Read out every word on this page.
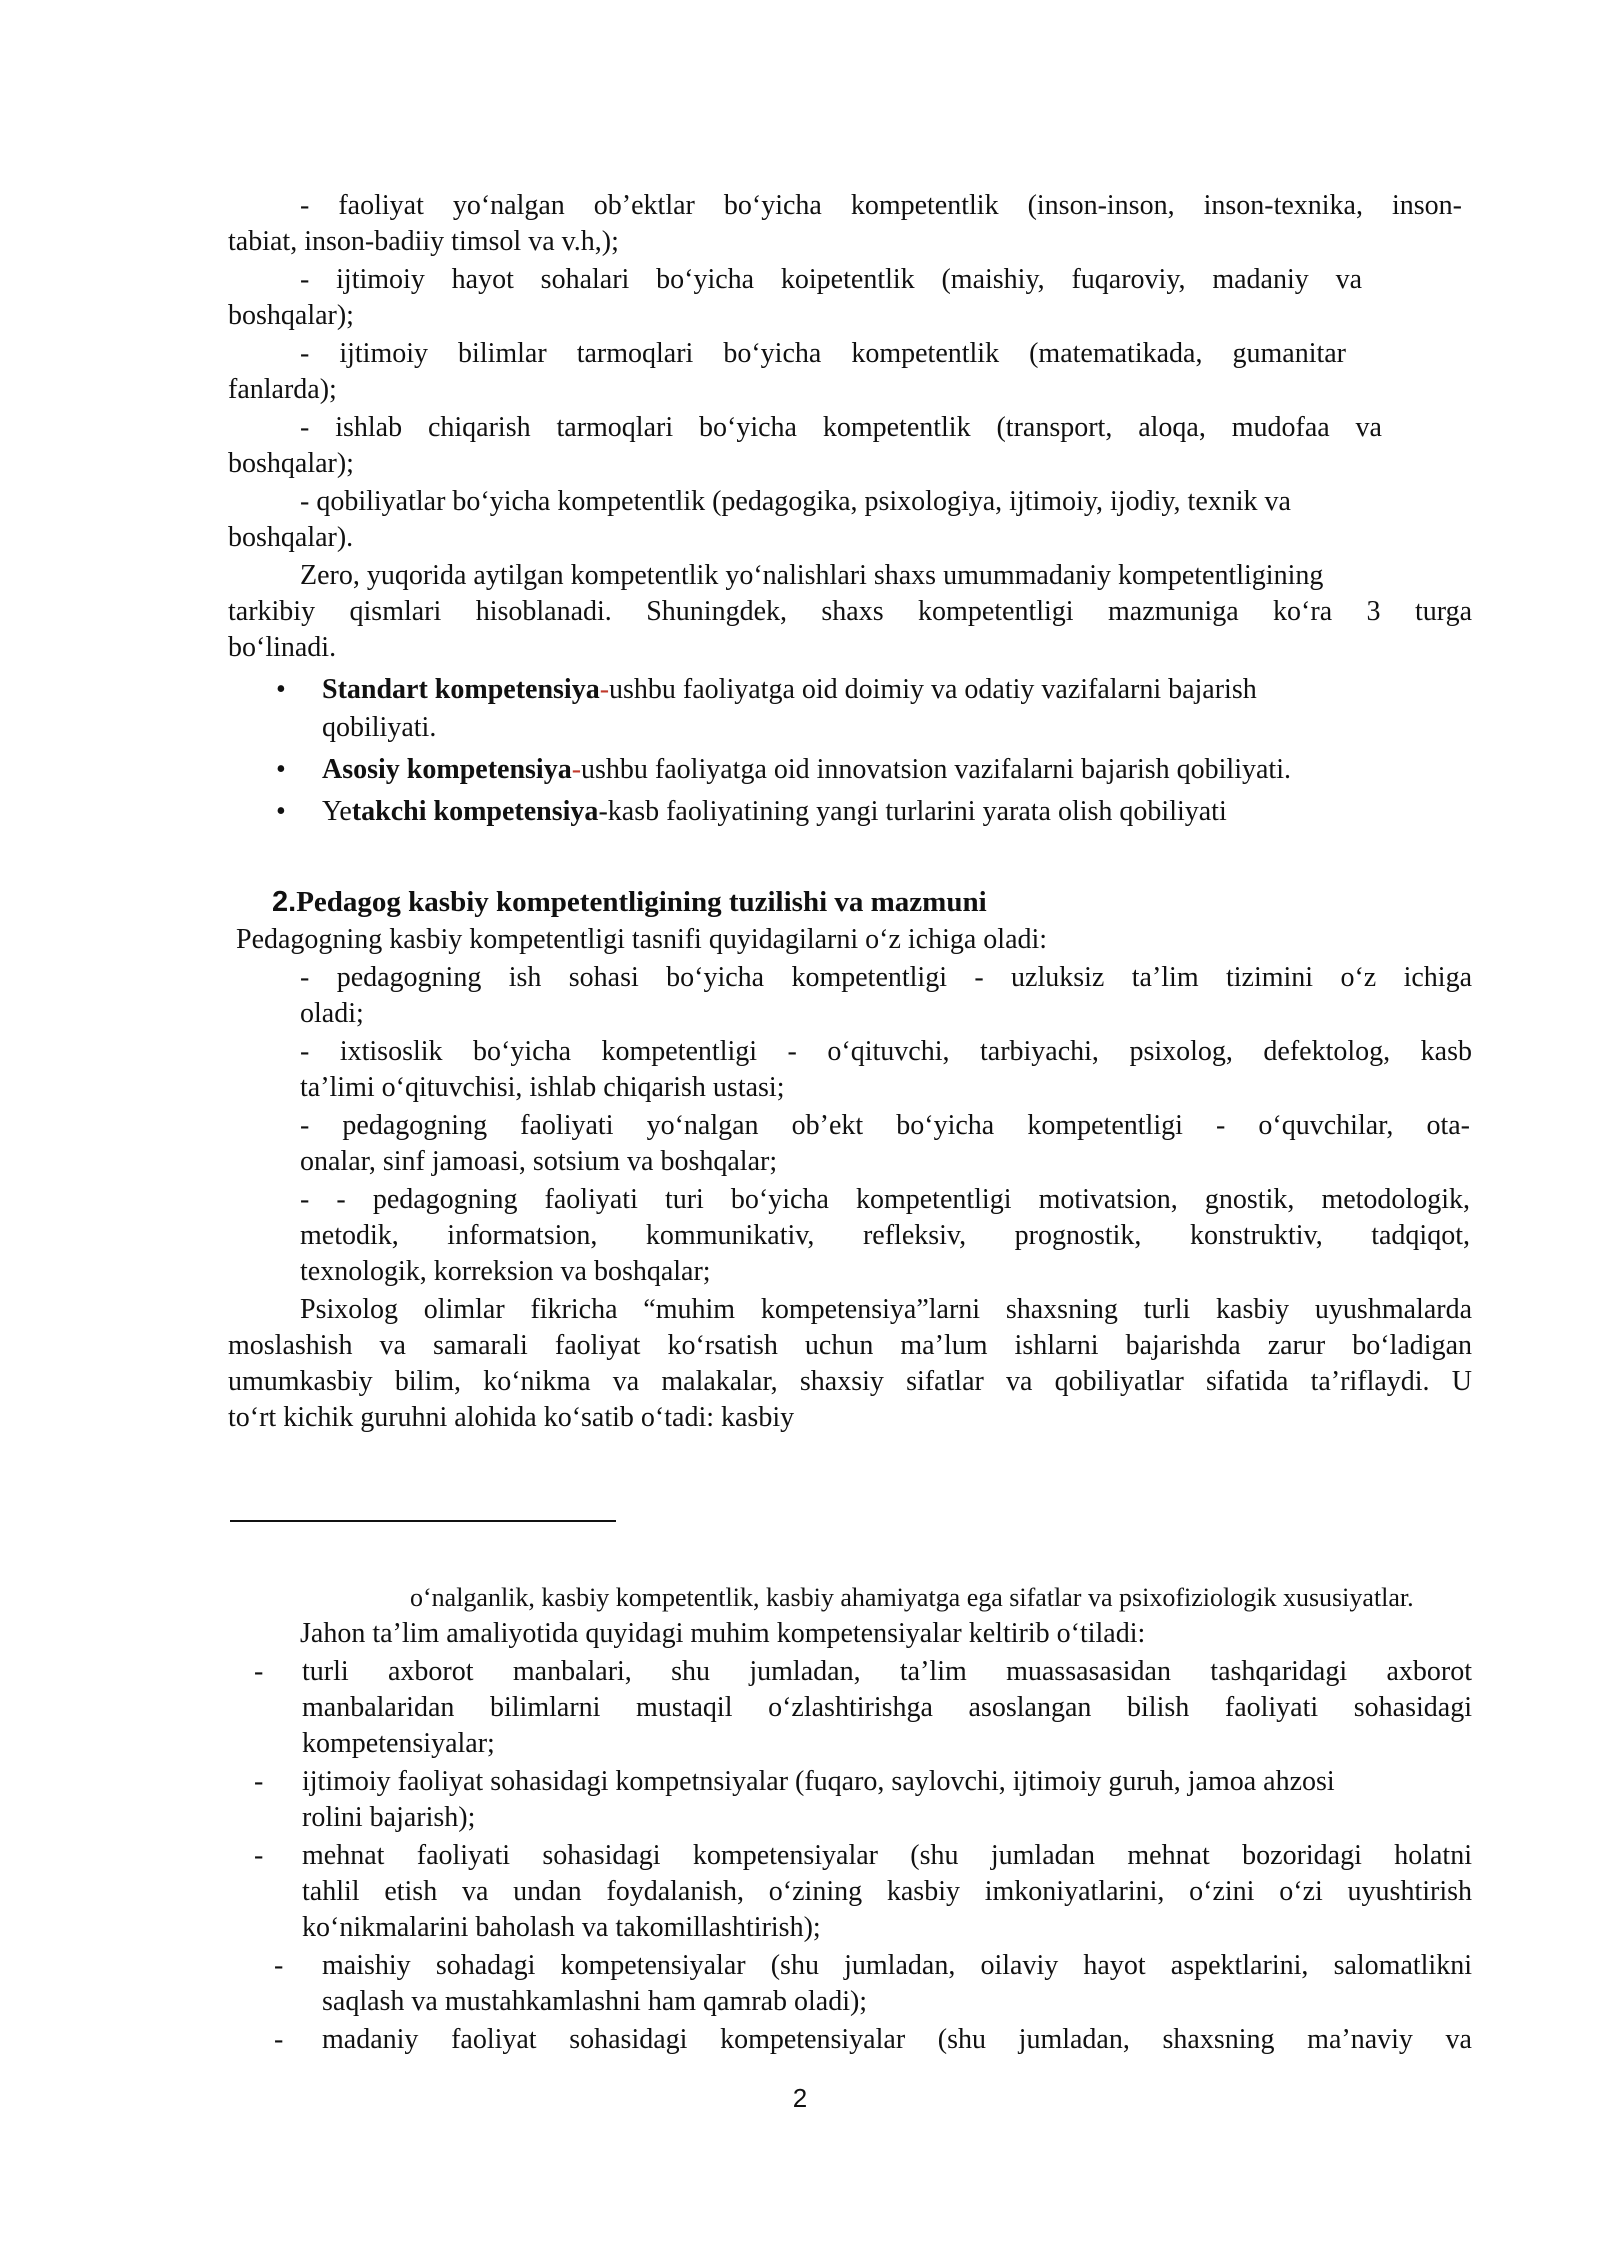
- faoliyat yo‘nalgan ob’ektlar bo‘yicha kompetentlik (inson-inson, inson-texnika, inson-
tabiat, inson-badiiy timsol va v.h,);
- ijtimoiy hayot sohalari bo‘yicha koipetentlik (maishiy, fuqaroviy, madaniy va
boshqalar);
- ijtimoiy bilimlar tarmoqlari bo‘yicha kompetentlik (matematikada, gumanitar
fanlarda);
- ishlab chiqarish tarmoqlari bo‘yicha kompetentlik (transport, aloqa, mudofaa va
boshqalar);
- qobiliyatlar bo‘yicha kompetentlik (pedagogika, psixologiya, ijtimoiy, ijodiy, texnik va
boshqalar).
Zero, yuqorida aytilgan kompetentlik yo‘nalishlari shaxs umummadaniy kompetentligining
tarkibiy qismlari hisoblanadi. Shuningdek, shaxs kompetentligi mazmuniga ko‘ra 3 turga
bo‘linadi.
• Standart kompetensiya-ushbu faoliyatga oid doimiy va odatiy vazifalarni bajarish
qobiliyati.
• Asosiy kompetensiya-ushbu faoliyatga oid innovatsion vazifalarni bajarish qobiliyati.
• Yetakchi kompetensiya-kasb faoliyatining yangi turlarini yarata olish qobiliyati
2.Pedagog kasbiy kompetentligining tuzilishi va mazmuni
Pedagogning kasbiy kompetentligi tasnifi quyidagilarni o‘z ichiga oladi:
- pedagogning ish sohasi bo‘yicha kompetentligi - uzluksiz ta’lim tizimini o‘z ichiga
oladi;
- ixtisoslik bo‘yicha kompetentligi - o‘qituvchi, tarbiyachi, psixolog, defektolog, kasb
ta’limi o‘qituvchisi, ishlab chiqarish ustasi;
- pedagogning faoliyati yo‘nalgan ob’ekt bo‘yicha kompetentligi - o‘quvchilar, ota-
onalar, sinf jamoasi, sotsium va boshqalar;
- - pedagogning faoliyati turi bo‘yicha kompetentligi motivatsion, gnostik, metodologik,
metodik, informatsion, kommunikativ, refleksiv, prognostik, konstruktiv, tadqiqot,
texnologik, korreksion va boshqalar;
Psixolog olimlar fikricha “muhim kompetensiya”larni shaxsning turli kasbiy uyushmalarda
moslashish va samarali faoliyat ko‘rsatish uchun ma’lum ishlarni bajarishda zarur bo‘ladigan
umumkasbiy bilim, ko‘nikma va malakalar, shaxsiy sifatlar va qobiliyatlar sifatida ta’riflaydi. U
to‘rt kichik guruhni alohida ko‘satib o‘tadi: kasbiy
o‘nalganlik, kasbiy kompetentlik, kasbiy ahamiyatga ega sifatlar va psixofiziologik xususiyatlar.
Jahon ta’lim amaliyotida quyidagi muhim kompetensiyalar keltirib o‘tiladi:
- turli axborot manbalari, shu jumladan, ta’lim muassasasidan tashqaridagi axborot
manbalaridan bilimlarni mustaqil o‘zlashtirishga asoslangan bilish faoliyati sohasidagi
kompetensiyalar;
- ijtimoiy faoliyat sohasidagi kompetnsiyalar (fuqaro, saylovchi, ijtimoiy guruh, jamoa ahzosi
rolini bajarish);
- mehnat faoliyati sohasidagi kompetensiyalar (shu jumladan mehnat bozoridagi holatni
tahlil etish va undan foydalanish, o‘zining kasbiy imkoniyatlarini, o‘zini o‘zi uyushtirish
ko‘nikmalarini baholash va takomillashtirish);
- maishiy sohadagi kompetensiyalar (shu jumladan, oilaviy hayot aspektlarini, salomatlikni
saqlash va mustahkamlashni ham qamrab oladi);
- madaniy faoliyat sohasidagi kompetensiyalar (shu jumladan, shaxsning ma’naviy va
2
